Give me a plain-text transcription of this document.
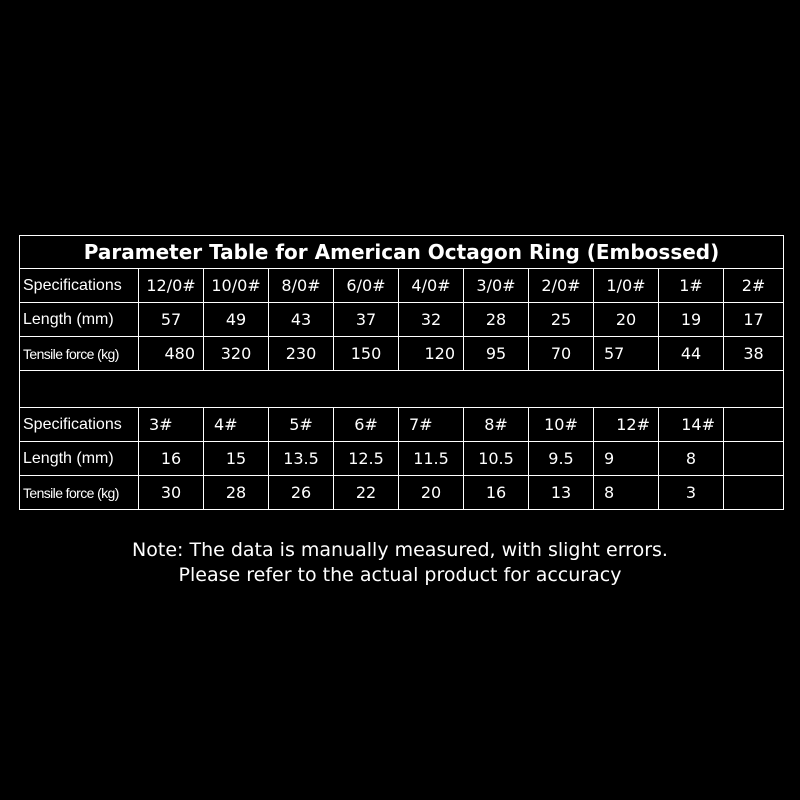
Parameter Table for American Octagon Ring (Embossed)										
Specifications	12/0#	10/0#	8/0#	6/0#	4/0#	3/0#	2/0#	1/0#	1#	2#
Length (mm)	57	49	43	37	32	28	25	20	19	17
Tensile force (kg)	480	320	230	150	120	95	70	57	44	38

Specifications	3#	4#	5#	6#	7#	8#	10#	12#	14#	
Length (mm)	16	15	13.5	12.5	11.5	10.5	9.5	9	8	
Tensile force (kg)	30	28	26	22	20	16	13	8	3	
Note: The data is manually measured, with slight errors.
Please refer to the actual product for accuracy
